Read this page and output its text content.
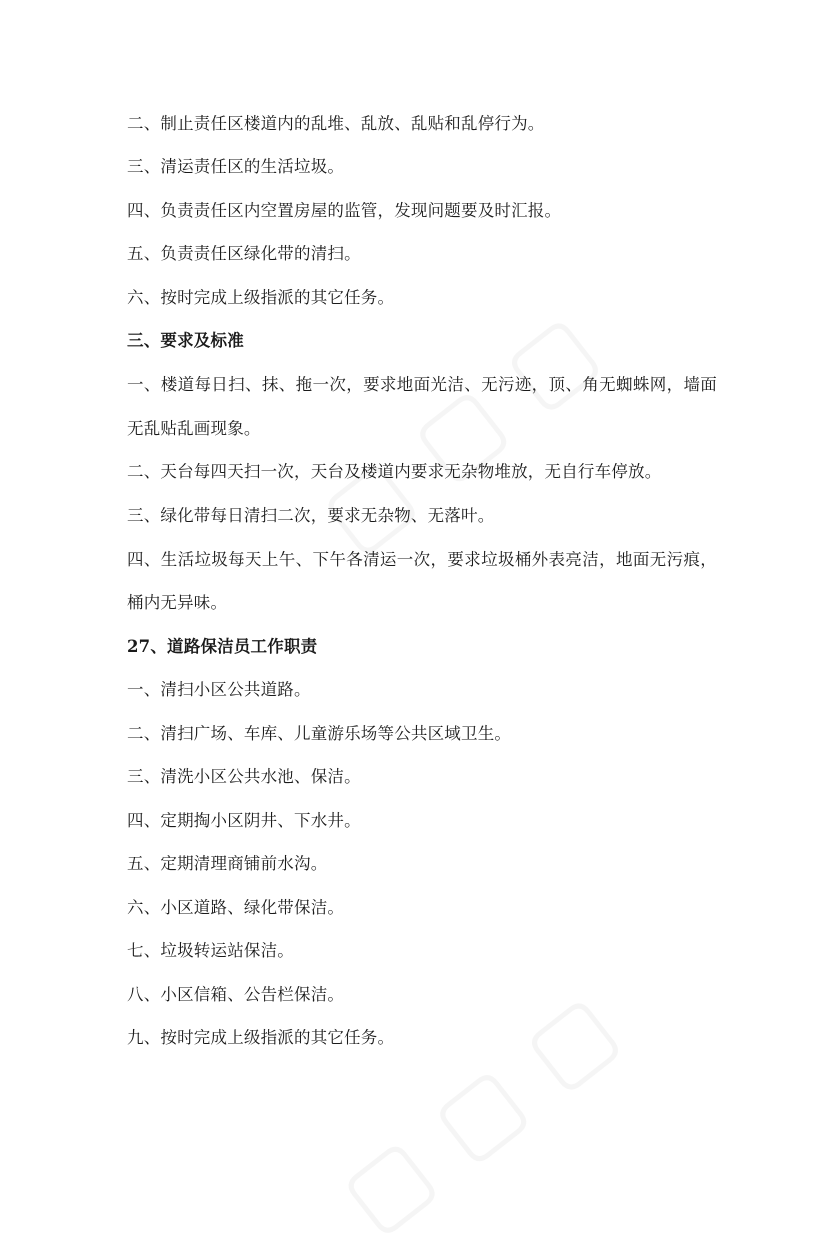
二、制止责任区楼道内的乱堆、乱放、乱贴和乱停行为。
三、清运责任区的生活垃圾。
四、负责责任区内空置房屋的监管，发现问题要及时汇报。
五、负责责任区绿化带的清扫。
六、按时完成上级指派的其它任务。
三、要求及标准
一、楼道每日扫、抹、拖一次，要求地面光洁、无污迹，顶、角无蜘蛛网，墙面
无乱贴乱画现象。
二、天台每四天扫一次，天台及楼道内要求无杂物堆放，无自行车停放。
三、绿化带每日清扫二次，要求无杂物、无落叶。
四、生活垃圾每天上午、下午各清运一次，要求垃圾桶外表亮洁，地面无污痕，
桶内无异味。
27、道路保洁员工作职责
一、清扫小区公共道路。
二、清扫广场、车库、儿童游乐场等公共区域卫生。
三、清洗小区公共水池、保洁。
四、定期掏小区阴井、下水井。
五、定期清理商铺前水沟。
六、小区道路、绿化带保洁。
七、垃圾转运站保洁。
八、小区信箱、公告栏保洁。
九、按时完成上级指派的其它任务。
